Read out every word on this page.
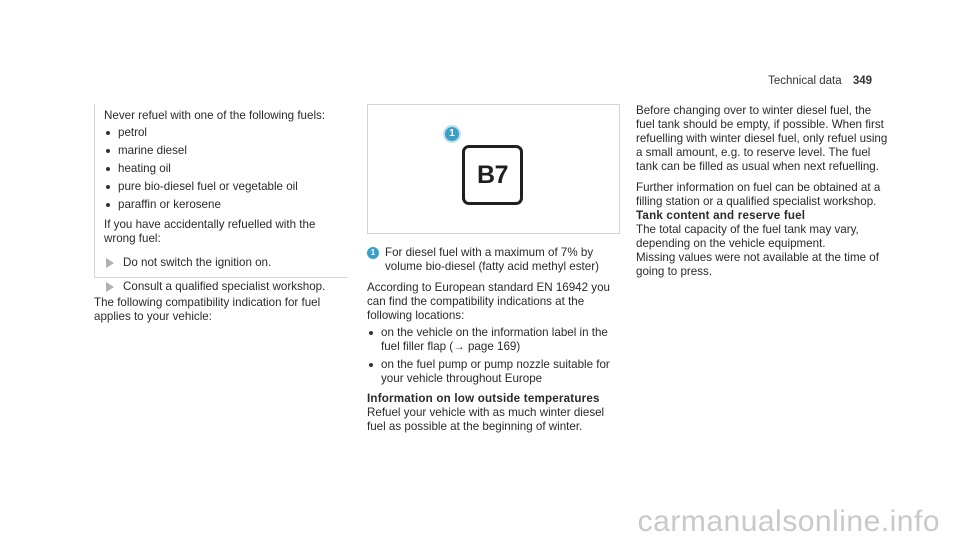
Technical data 349

Never refuel with one of the following fuels:

petrol
marine diesel
heating oil
pure bio-diesel fuel or vegetable oil
paraffin or kerosene

If you have accidentally refuelled with the wrong fuel:

Do not switch the ignition on.
Consult a qualified specialist workshop.

The following compatibility indication for fuel applies to your vehicle:

1
B7
1 For diesel fuel with a maximum of 7% by volume bio-diesel (fatty acid methyl ester)

According to European standard EN 16942 you can find the compatibility indications at the following locations:

on the vehicle on the information label in the fuel filler flap (→ page 169)
on the fuel pump or pump nozzle suitable for your vehicle throughout Europe

Information on low outside temperatures

Refuel your vehicle with as much winter diesel fuel as possible at the beginning of winter.

Before changing over to winter diesel fuel, the fuel tank should be empty, if possible. When first refuelling with winter diesel fuel, only refuel using a small amount, e.g. to reserve level. The fuel tank can be filled as usual when next refuelling.

Further information on fuel can be obtained at a filling station or a qualified specialist workshop.

Tank content and reserve fuel

The total capacity of the fuel tank may vary, depending on the vehicle equipment.

Missing values were not available at the time of going to press.

carmanualsonline.info
